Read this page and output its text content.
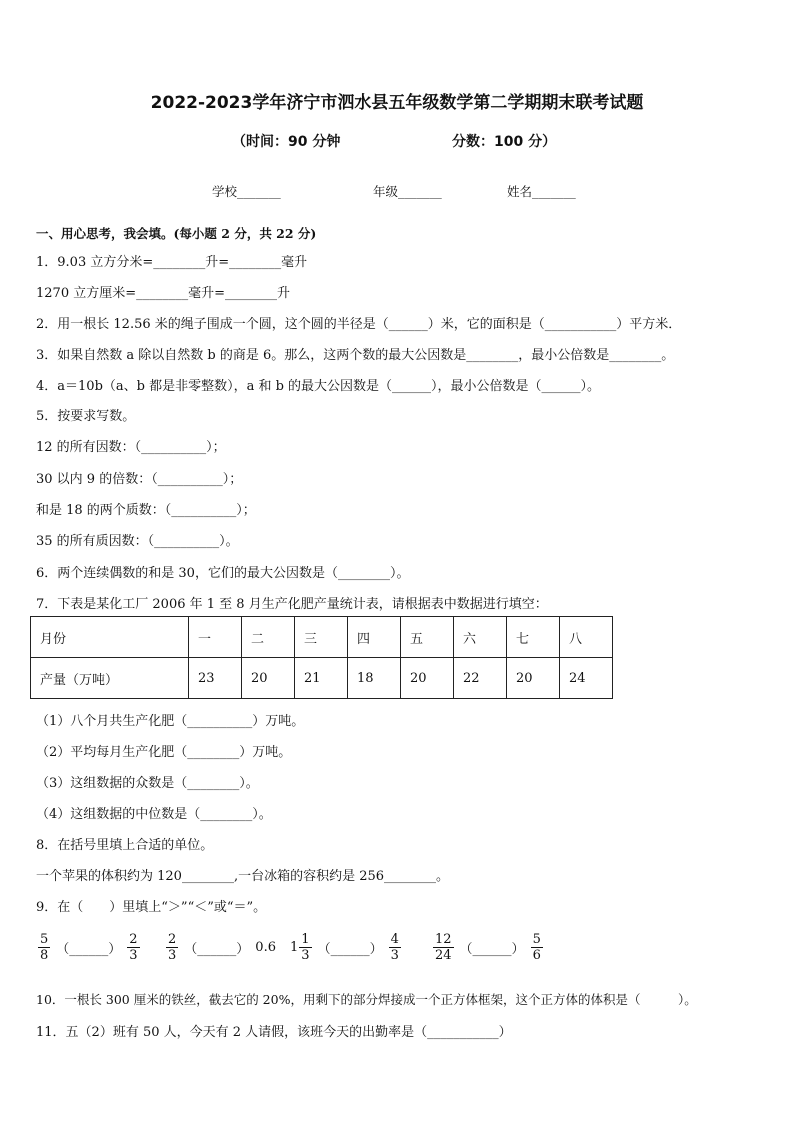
2022-2023学年济宁市泗水县五年级数学第二学期期末联考试题
（时间：90 分钟	分数：100 分）
学校_______	年级_______	姓名_______
一、用心思考，我会填。(每小题 2 分，共 22 分)
1．9.03 立方分米=________升=________毫升
1270 立方厘米=________毫升=________升
2．用一根长 12.56 米的绳子围成一个圆，这个圆的半径是（______）米，它的面积是（___________）平方米．
3．如果自然数 a 除以自然数 b 的商是 6。那么，这两个数的最大公因数是________，最小公倍数是________。
4．a＝10b（a、b 都是非零整数），a 和 b 的最大公因数是（______），最小公倍数是（______）。
5．按要求写数。
12 的所有因数：（__________）；
30 以内 9 的倍数：（__________）；
和是 18 的两个质数：（__________）；
35 的所有质因数：（__________）。
6．两个连续偶数的和是 30，它们的最大公因数是（________）。
7．下表是某化工厂 2006 年 1 至 8 月生产化肥产量统计表，请根据表中数据进行填空：
月份	一	二	三	四	五	六	七	八
产量（万吨）	23	20	21	18	20	22	20	24
（1）八个月共生产化肥（__________）万吨。
（2）平均每月生产化肥（________）万吨。
（3）这组数据的众数是（________）。
（4）这组数据的中位数是（________）。
8．在括号里填上合适的单位。
一个苹果的体积约为 120________,一台冰箱的容积约是 256________。
9．在（　　）里填上“＞”“＜”或“＝”。
$\frac{5}{8}$ （______） $\frac{2}{3} \frac{2}{3}$ （______） 0.6 $1 \frac{1}{3}$ （______） $\frac{4}{3} \frac{12}{24}$ （______） $\frac{5}{6}$
10．一根长 300 厘米的铁丝，截去它的 20%，用剩下的部分焊接成一个正方体框架，这个正方体的体积是（　　　）。
11．五（2）班有 50 人，今天有 2 人请假，该班今天的出勤率是（___________）
